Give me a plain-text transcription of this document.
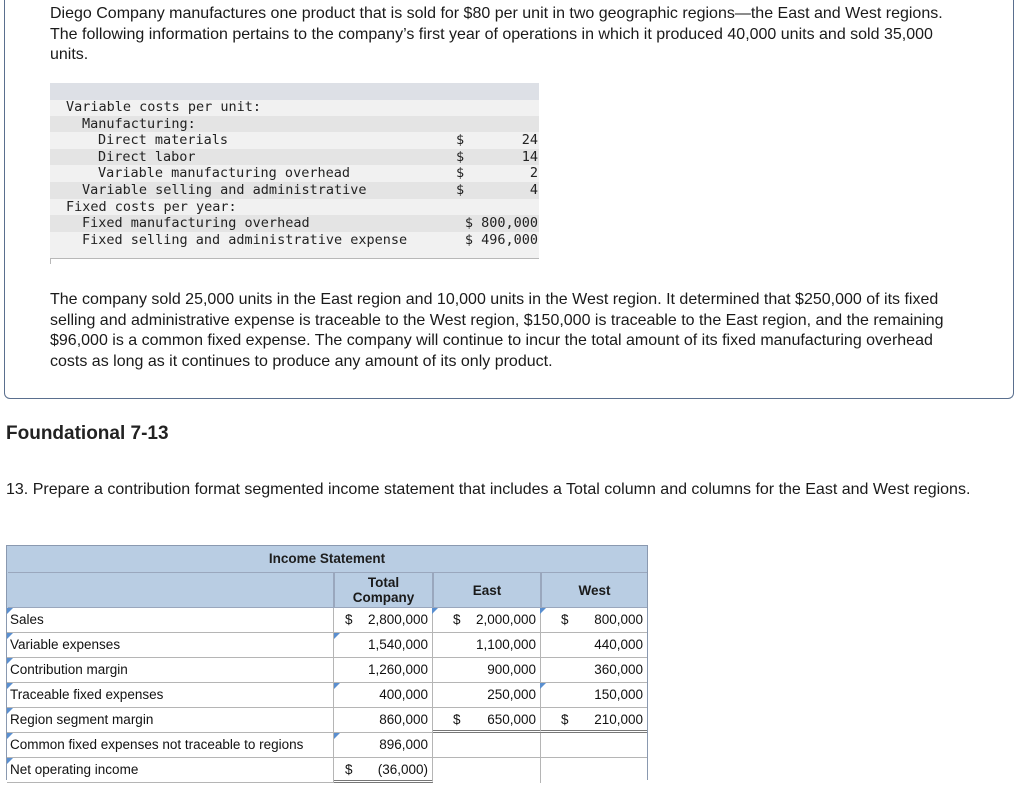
Diego Company manufactures one product that is sold for $80 per unit in two geographic regions—the East and West regions. The following information pertains to the company’s first year of operations in which it produced 40,000 units and sold 35,000 units.
Variable costs per unit:
Manufacturing:
Direct materials	$	24
Direct labor	$	14
Variable manufacturing overhead	$	2
Variable selling and administrative	$	4
Fixed costs per year:
Fixed manufacturing overhead	$ 800,000
Fixed selling and administrative expense	$ 496,000
The company sold 25,000 units in the East region and 10,000 units in the West region. It determined that $250,000 of its fixed selling and administrative expense is traceable to the West region, $150,000 is traceable to the East region, and the remaining $96,000 is a common fixed expense. The company will continue to incur the total amount of its fixed manufacturing overhead costs as long as it continues to produce any amount of its only product.
Foundational 7-13
13. Prepare a contribution format segmented income statement that includes a Total column and columns for the East and West regions.
Income Statement
Total Company	East	West
Sales	$ 2,800,000 $ 2,000,000 $ 800,000
Variable expenses	1,540,000	1,100,000	440,000
Contribution margin	1,260,000	900,000	360,000
Traceable fixed expenses	400,000	250,000	150,000
Region segment margin	860,000 $ 650,000 $ 210,000
Common fixed expenses not traceable to regions	896,000
Net operating income	$ (36,000)
